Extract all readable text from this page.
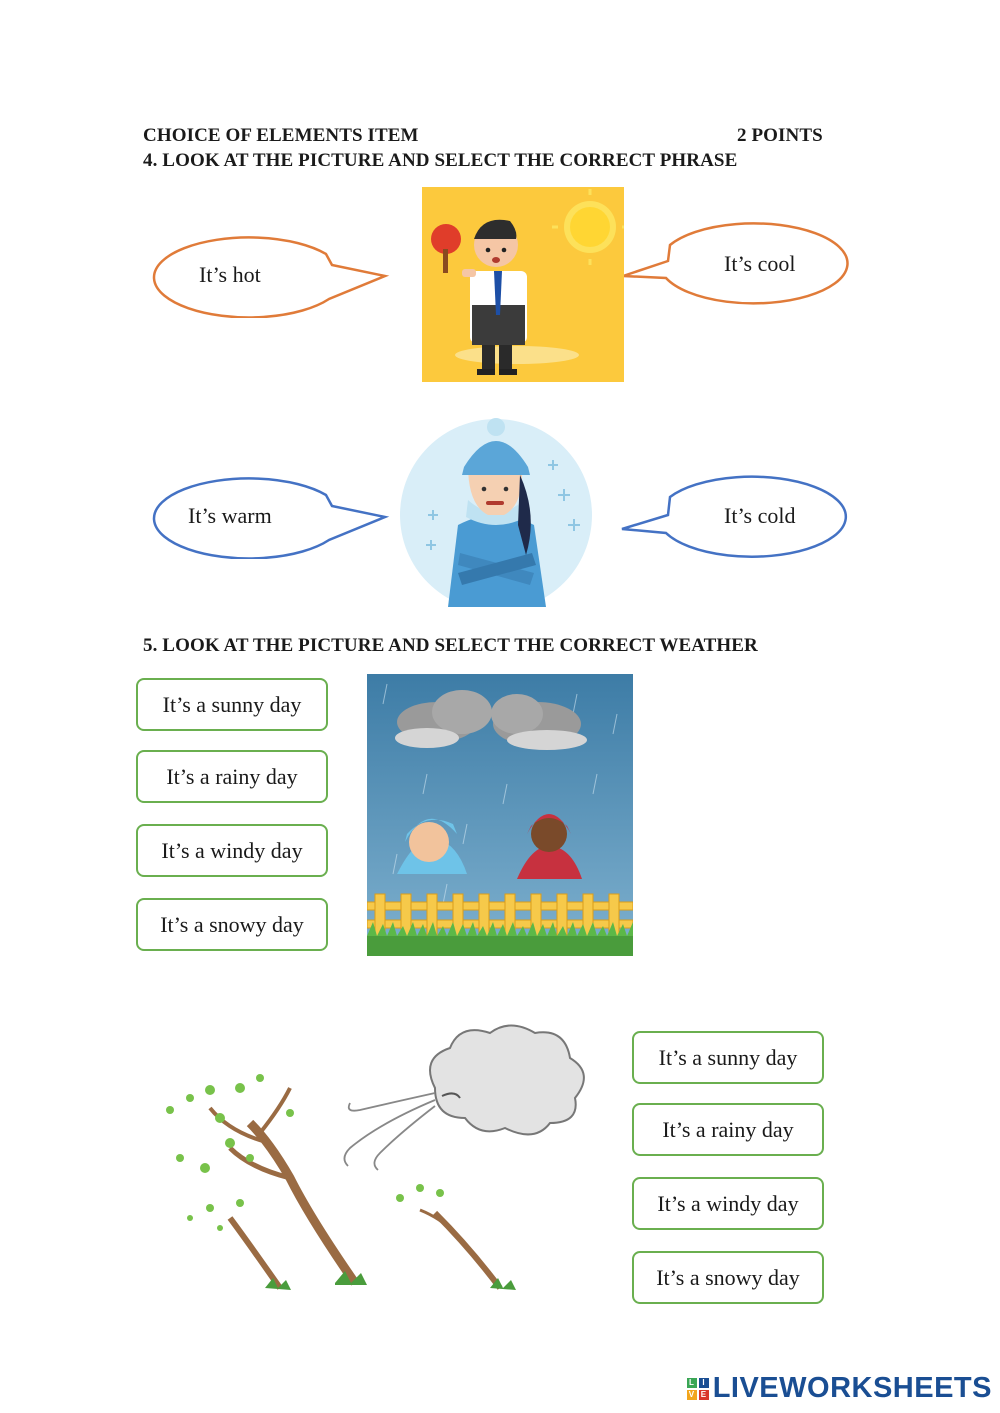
CHOICE OF ELEMENTS ITEM	2 POINTS
4. LOOK AT THE PICTURE AND SELECT THE CORRECT PHRASE
It’s hot	It’s cool
It’s warm	It’s cold
5. LOOK AT THE PICTURE AND SELECT THE CORRECT WEATHER
It’s a sunny day
It’s a rainy day
It’s a windy day
It’s a snowy day
It’s a sunny day
It’s a rainy day
It’s a windy day
It’s a snowy day
L I
V E LIVEWORKSHEETS
